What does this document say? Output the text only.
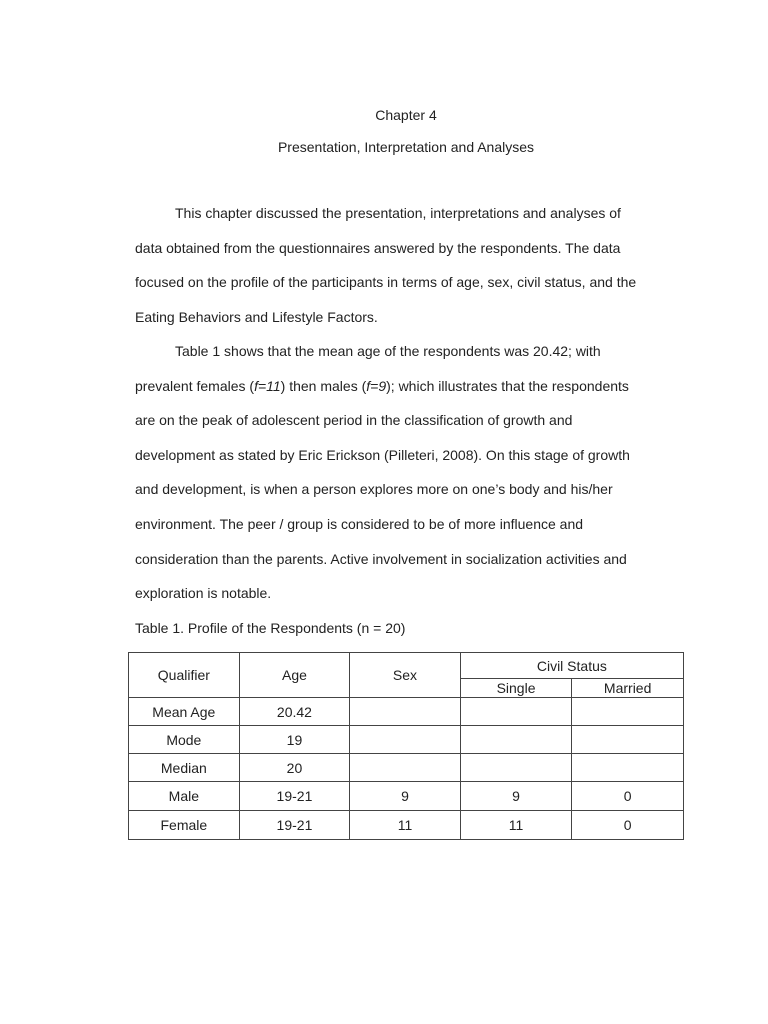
Chapter 4
Presentation, Interpretation and Analyses

This chapter discussed the presentation, interpretations and analyses of
data obtained from the questionnaires answered by the respondents. The data
focused on the profile of the participants in terms of age, sex, civil status, and the
Eating Behaviors and Lifestyle Factors.

Table 1 shows that the mean age of the respondents was 20.42; with
prevalent females (f=11) then males (f=9); which illustrates that the respondents
are on the peak of adolescent period in the classification of growth and
development as stated by Eric Erickson (Pilleteri, 2008). On this stage of growth
and development, is when a person explores more on one’s body and his/her
environment. The peer / group is considered to be of more influence and
consideration than the parents. Active involvement in socialization activities and
exploration is notable.

Table 1. Profile of the Respondents (n = 20)
Qualifier	Age	Sex	Civil Status	
			Single	Married
Mean Age	20.42			
Mode	19			
Median	20			
Male	19-21	9	9	0
Female	19-21	11	11	0
